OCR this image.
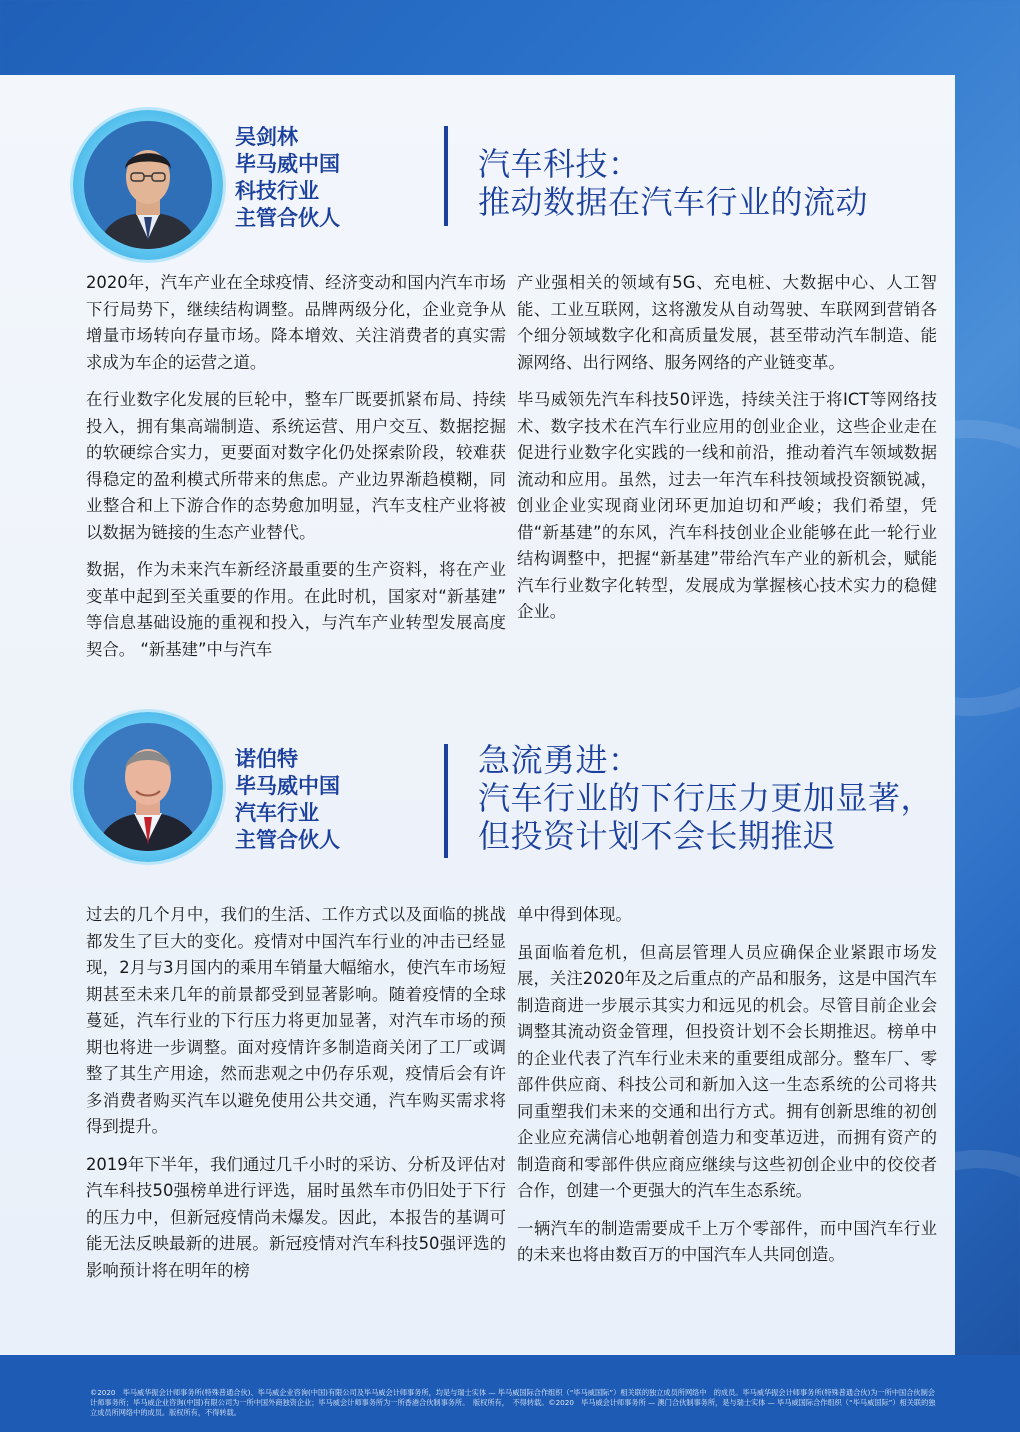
吴剑林
毕马威中国
科技行业
主管合伙人
汽车科技：
推动数据在汽车行业的流动

2020年，汽车产业在全球疫情、经济变动和国内汽车市场下行局势下，继续结构调整。品牌两级分化，企业竞争从增量市场转向存量市场。降本增效、关注消费者的真实需求成为车企的运营之道。

在行业数字化发展的巨轮中，整车厂既要抓紧布局、持续投入，拥有集高端制造、系统运营、用户交互、数据挖掘的软硬综合实力，更要面对数字化仍处探索阶段，较难获得稳定的盈利模式所带来的焦虑。产业边界渐趋模糊，同业整合和上下游合作的态势愈加明显，汽车支柱产业将被以数据为链接的生态产业替代。

数据，作为未来汽车新经济最重要的生产资料，将在产业变革中起到至关重要的作用。在此时机，国家对“新基建” 等信息基础设施的重视和投入，与汽车产业转型发展高度契合。 “新基建”中与汽车

产业强相关的领域有5G、充电桩、大数据中心、人工智能、工业互联网，这将激发从自动驾驶、车联网到营销各个细分领域数字化和高质量发展，甚至带动汽车制造、能源网络、出行网络、服务网络的产业链变革。

毕马威领先汽车科技50评选，持续关注于将ICT等网络技术、数字技术在汽车行业应用的创业企业，这些企业走在促进行业数字化实践的一线和前沿，推动着汽车领域数据流动和应用。虽然，过去一年汽车科技领域投资额锐减，创业企业实现商业闭环更加迫切和严峻；我们希望，凭借“新基建”的东风，汽车科技创业企业能够在此一轮行业结构调整中，把握“新基建”带给汽车产业的新机会，赋能汽车行业数字化转型，发展成为掌握核心技术实力的稳健企业。

诺伯特
毕马威中国
汽车行业
主管合伙人
急流勇进：
汽车行业的下行压力更加显著，
但投资计划不会长期推迟

过去的几个月中，我们的生活、工作方式以及面临的挑战都发生了巨大的变化。疫情对中国汽车行业的冲击已经显现，2月与3月国内的乘用车销量大幅缩水，使汽车市场短期甚至未来几年的前景都受到显著影响。随着疫情的全球蔓延，汽车行业的下行压力将更加显著，对汽车市场的预期也将进一步调整。面对疫情许多制造商关闭了工厂或调整了其生产用途，然而悲观之中仍存乐观，疫情后会有许多消费者购买汽车以避免使用公共交通，汽车购买需求将得到提升。

2019年下半年，我们通过几千小时的采访、分析及评估对汽车科技50强榜单进行评选，届时虽然车市仍旧处于下行的压力中，但新冠疫情尚未爆发。因此，本报告的基调可能无法反映最新的进展。新冠疫情对汽车科技50强评选的影响预计将在明年的榜

单中得到体现。

虽面临着危机，但高层管理人员应确保企业紧跟市场发展，关注2020年及之后重点的产品和服务，这是中国汽车制造商进一步展示其实力和远见的机会。尽管目前企业会调整其流动资金管理，但投资计划不会长期推迟。榜单中的企业代表了汽车行业未来的重要组成部分。整车厂、零部件供应商、科技公司和新加入这一生态系统的公司将共同重塑我们未来的交通和出行方式。拥有创新思维的初创企业应充满信心地朝着创造力和变革迈进，而拥有资产的制造商和零部件供应商应继续与这些初创企业中的佼佼者合作，创建一个更强大的汽车生态系统。

一辆汽车的制造需要成千上万个零部件，而中国汽车行业的未来也将由数百万的中国汽车人共同创造。

©2020　毕马威华振会计师事务所(特殊普通合伙)、毕马威企业咨询(中国)有限公司及毕马威会计师事务所，均是与瑞士实体 — 毕马威国际合作组织（“毕马威国际”）相关联的独立成员所网络中　的成员。毕马威华振会计师事务所(特殊普通合伙)为一所中国合伙制会计师事务所；毕马威企业咨询(中国)有限公司为一所中国外商独资企业；毕马威会计师事务所为一所香港合伙制事务所。　版权所有，　不得转载。©2020　毕马威会计师事务所 — 澳门合伙制事务所，是与瑞士实体 — 毕马威国际合作组织（“毕马威国际”）相关联的独立成员所网络中的成员。版权所有，不得转载。
